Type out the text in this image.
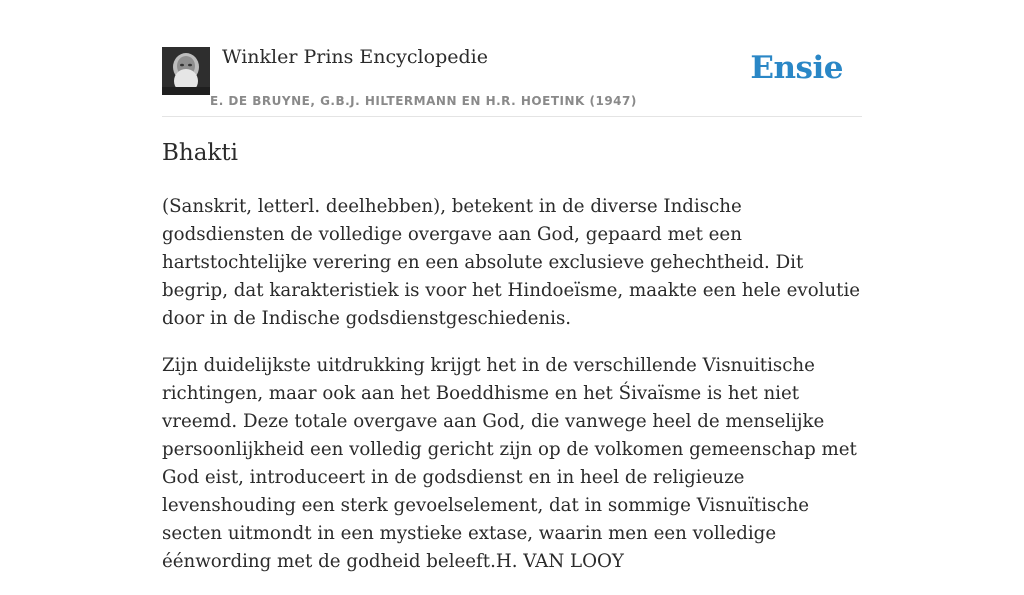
Winkler Prins Encyclopedie
E. DE BRUYNE, G.B.J. HILTERMANN EN H.R. HOETINK (1947)
Ensie
Bhakti

(Sanskrit, letterl. deelhebben), betekent in de diverse Indische godsdiensten de volledige overgave aan God, gepaard met een hartstochtelijke verering en een absolute exclusieve gehechtheid. Dit begrip, dat karakteristiek is voor het Hindoeïsme, maakte een hele evolutie door in de Indische godsdienstgeschiedenis.

Zijn duidelijkste uitdrukking krijgt het in de verschillende Visnuitische richtingen, maar ook aan het Boeddhisme en het Śivaïsme is het niet vreemd. Deze totale overgave aan God, die vanwege heel de menselijke persoonlijkheid een volledig gericht zijn op de volkomen gemeenschap met God eist, introduceert in de godsdienst en in heel de religieuze levenshouding een sterk gevoelselement, dat in sommige Visnuïtische secten uitmondt in een mystieke extase, waarin men een volledige éénwording met de godheid beleeft.H. VAN LOOY
